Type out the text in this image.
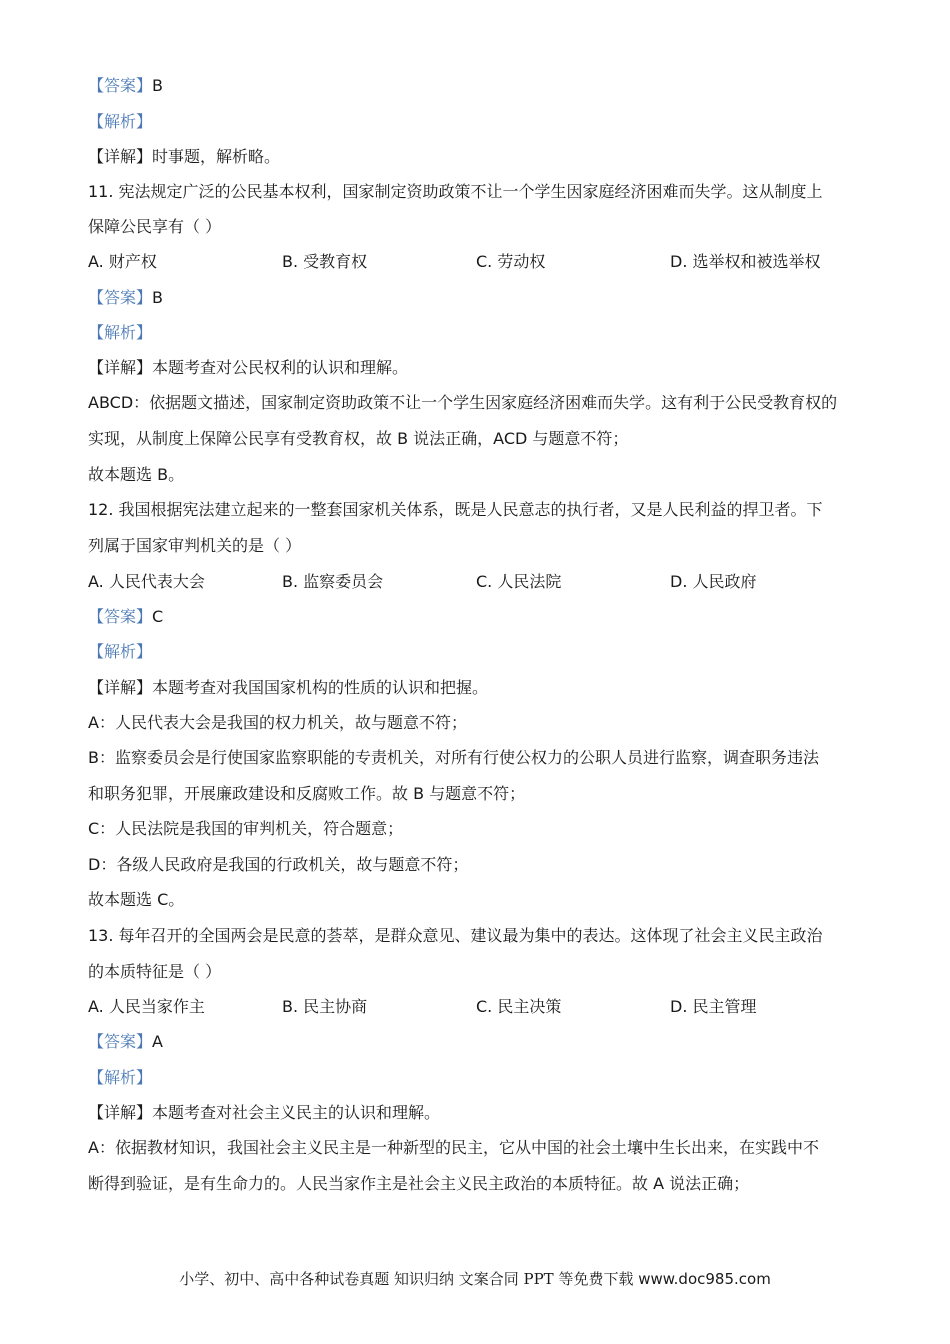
【答案】B
【解析】
【详解】时事题，解析略。
11. 宪法规定广泛的公民基本权利，国家制定资助政策不让一个学生因家庭经济困难而失学。这从制度上
保障公民享有（ ）
A. 财产权	B. 受教育权	C. 劳动权	D. 选举权和被选举权
【答案】B
【解析】
【详解】本题考查对公民权利的认识和理解。
ABCD：依据题文描述，国家制定资助政策不让一个学生因家庭经济困难而失学。这有利于公民受教育权的
实现，从制度上保障公民享有受教育权，故 B 说法正确，ACD 与题意不符；
故本题选 B。
12. 我国根据宪法建立起来的一整套国家机关体系，既是人民意志的执行者，又是人民利益的捍卫者。下
列属于国家审判机关的是（ ）
A. 人民代表大会	B. 监察委员会	C. 人民法院	D. 人民政府
【答案】C
【解析】
【详解】本题考查对我国国家机构的性质的认识和把握。
A：人民代表大会是我国的权力机关，故与题意不符；
B：监察委员会是行使国家监察职能的专责机关，对所有行使公权力的公职人员进行监察，调查职务违法
和职务犯罪，开展廉政建设和反腐败工作。故 B 与题意不符；
C：人民法院是我国的审判机关，符合题意；
D：各级人民政府是我国的行政机关，故与题意不符；
故本题选 C。
13. 每年召开的全国两会是民意的荟萃，是群众意见、建议最为集中的表达。这体现了社会主义民主政治
的本质特征是（ ）
A. 人民当家作主	B. 民主协商	C. 民主决策	D. 民主管理
【答案】A
【解析】
【详解】本题考查对社会主义民主的认识和理解。
A：依据教材知识，我国社会主义民主是一种新型的民主，它从中国的社会土壤中生长出来，在实践中不
断得到验证，是有生命力的。人民当家作主是社会主义民主政治的本质特征。故 A 说法正确；
小学、初中、高中各种试卷真题 知识归纳 文案合同 PPT 等免费下载 www.doc985.com
